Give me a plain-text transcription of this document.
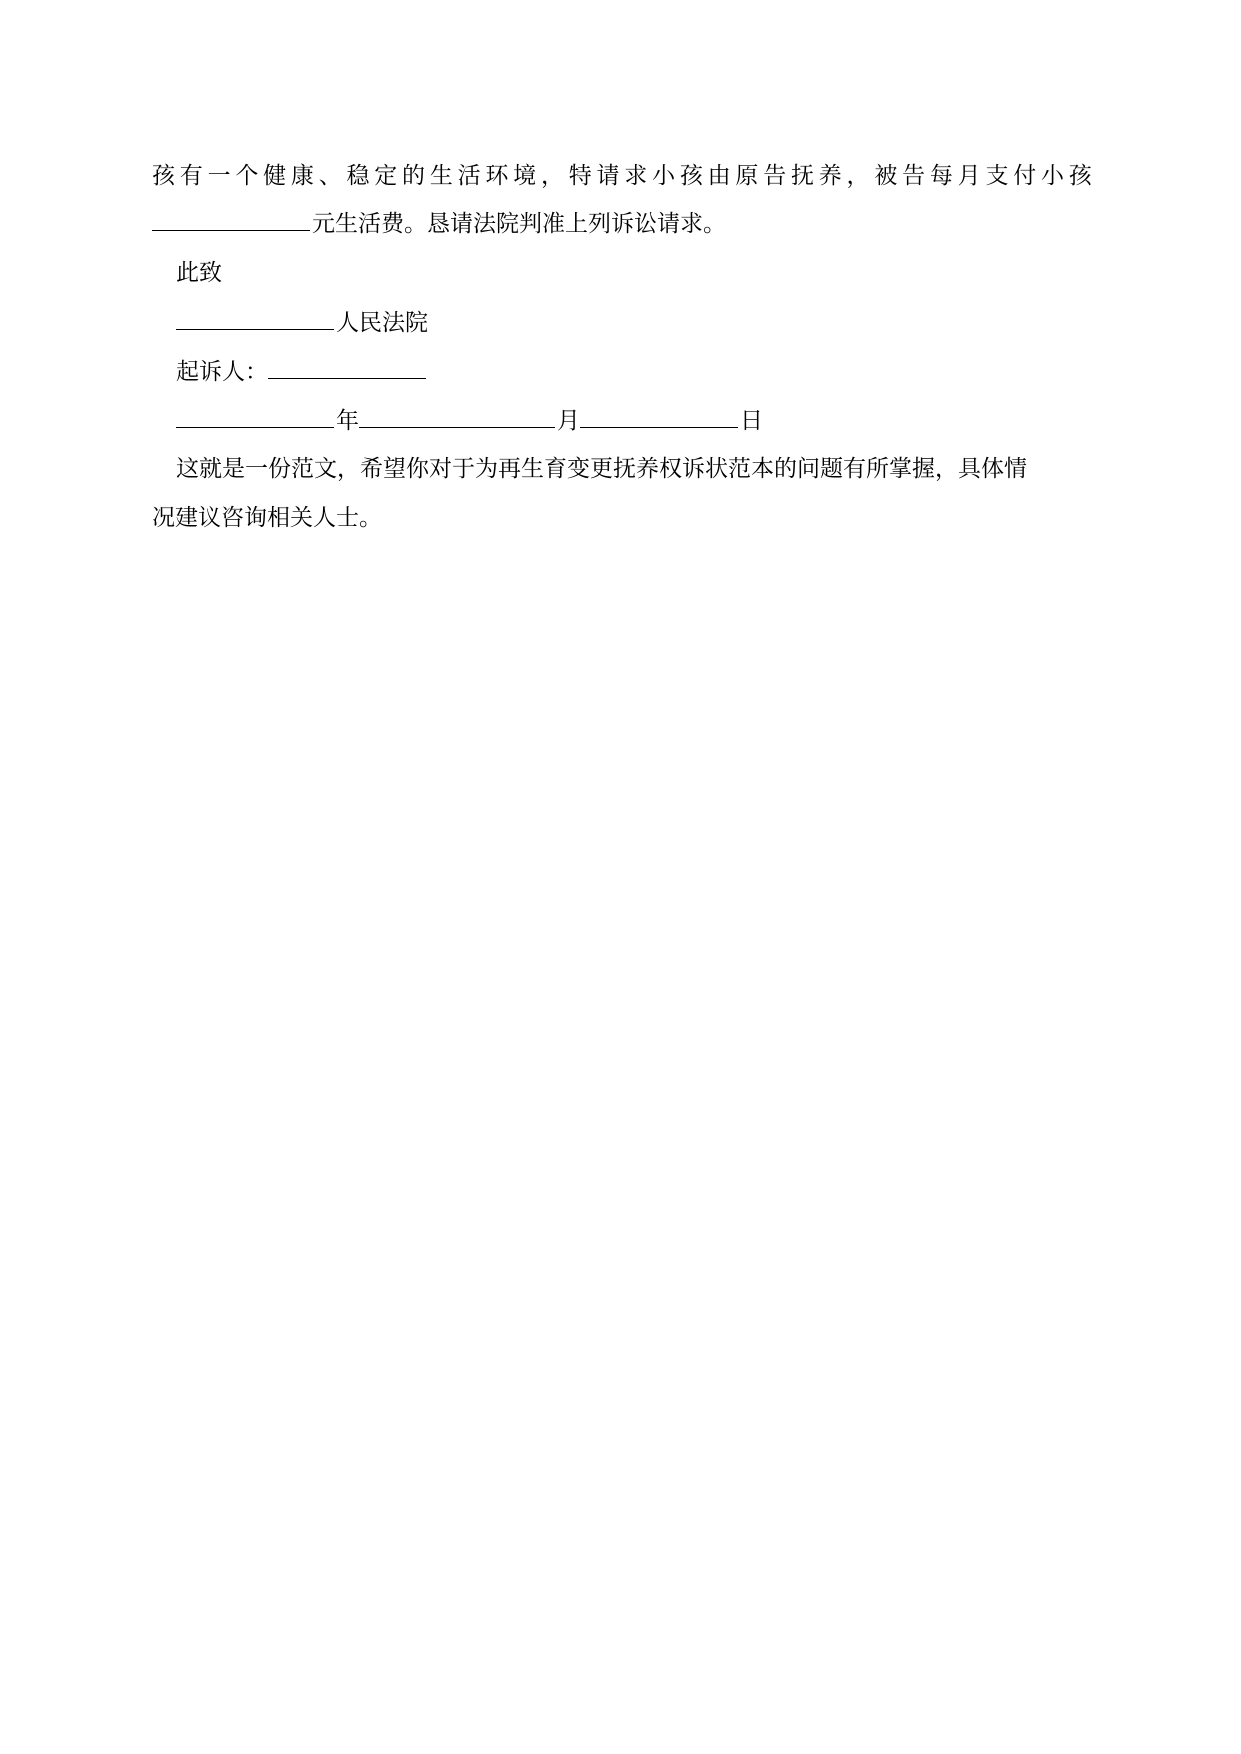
孩 有 一 个 健 康 、 稳 定 的 生 活 环 境 ， 特 请 求 小 孩 由 原 告 抚 养 ， 被 告 每 月 支 付 小 孩
元生活费。恳请法院判准上列诉讼请求。
此致
人民法院
起诉人：
年	月	日
这就是一份范文，希望你对于为再生育变更抚养权诉状范本的问题有所掌握，具体情
况建议咨询相关人士。
